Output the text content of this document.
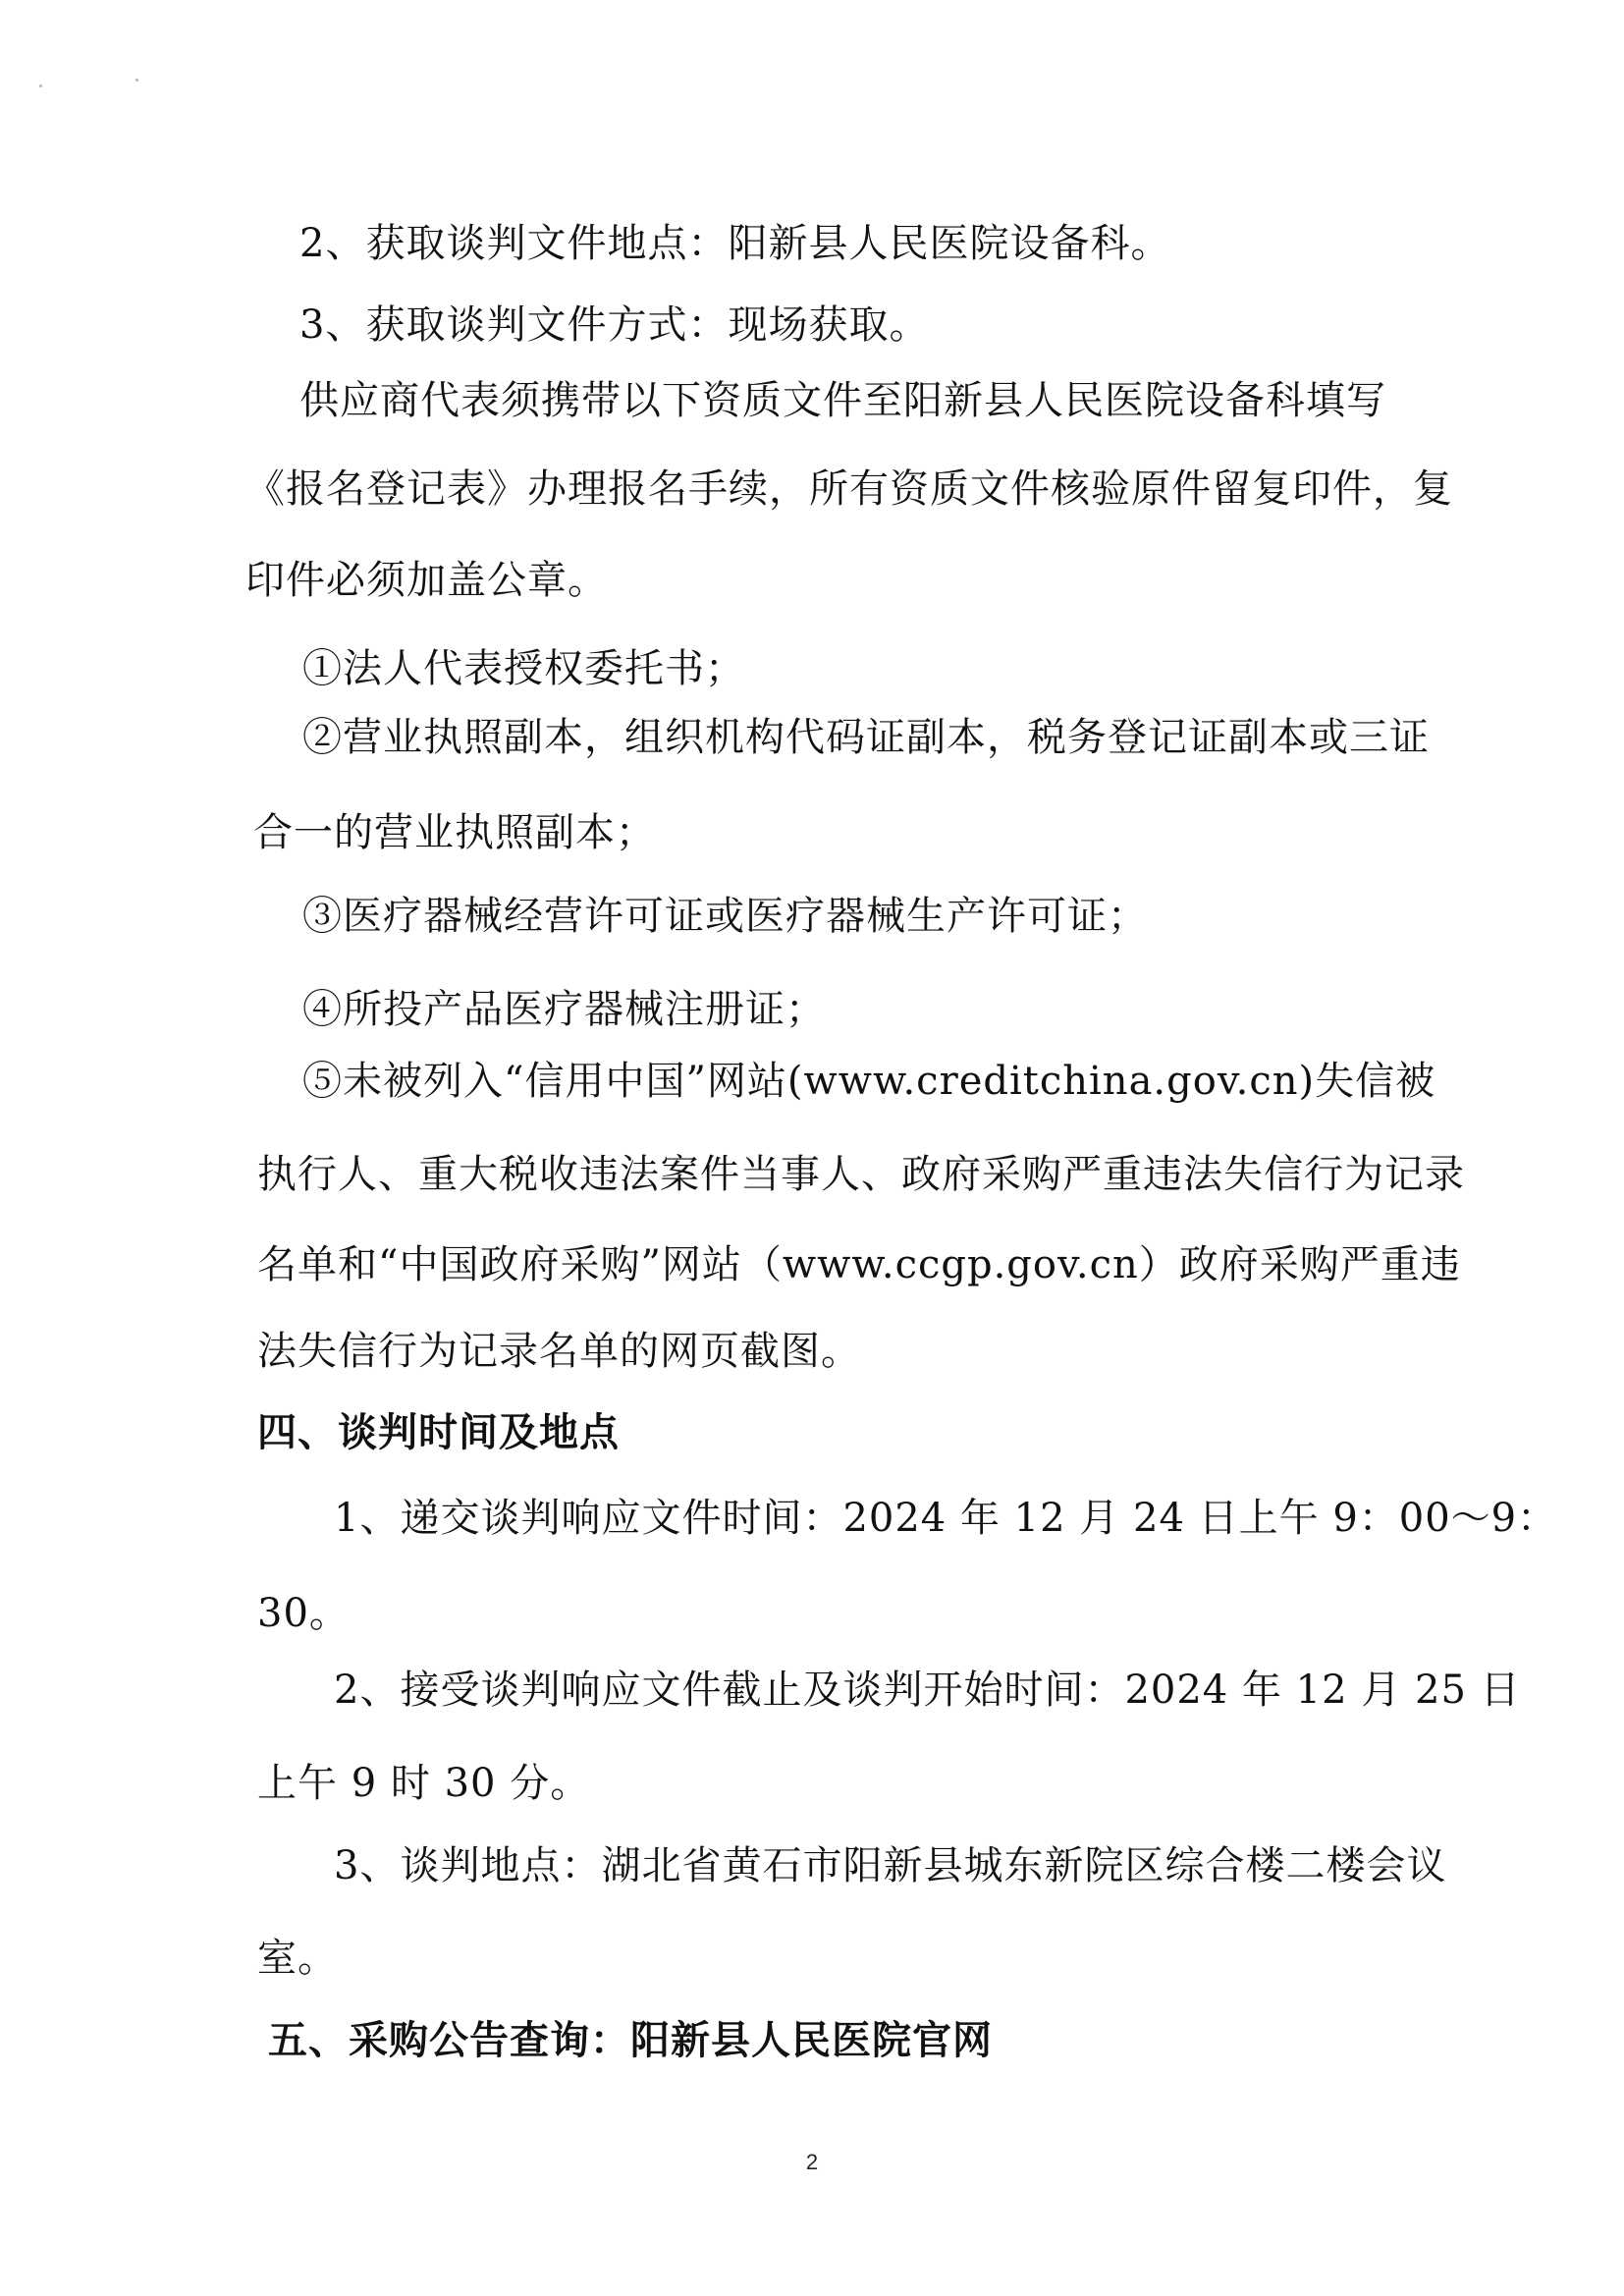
2、获取谈判文件地点：阳新县人民医院设备科。

3、获取谈判文件方式：现场获取。

供应商代表须携带以下资质文件至阳新县人民医院设备科填写

《报名登记表》办理报名手续，所有资质文件核验原件留复印件，复

印件必须加盖公章。

①法人代表授权委托书；

②营业执照副本，组织机构代码证副本，税务登记证副本或三证

合一的营业执照副本；

③医疗器械经营许可证或医疗器械生产许可证；

④所投产品医疗器械注册证；

⑤未被列入“信用中国”网站(www.creditchina.gov.cn)失信被

执行人、重大税收违法案件当事人、政府采购严重违法失信行为记录

名单和“中国政府采购”网站（www.ccgp.gov.cn）政府采购严重违

法失信行为记录名单的网页截图。

四、谈判时间及地点

1、递交谈判响应文件时间：2024 年 12 月 24 日上午 9：00～9：

30。

2、接受谈判响应文件截止及谈判开始时间：2024 年 12 月 25 日

上午 9 时 30 分。

3、谈判地点：湖北省黄石市阳新县城东新院区综合楼二楼会议

室。

五、采购公告查询：阳新县人民医院官网

2
